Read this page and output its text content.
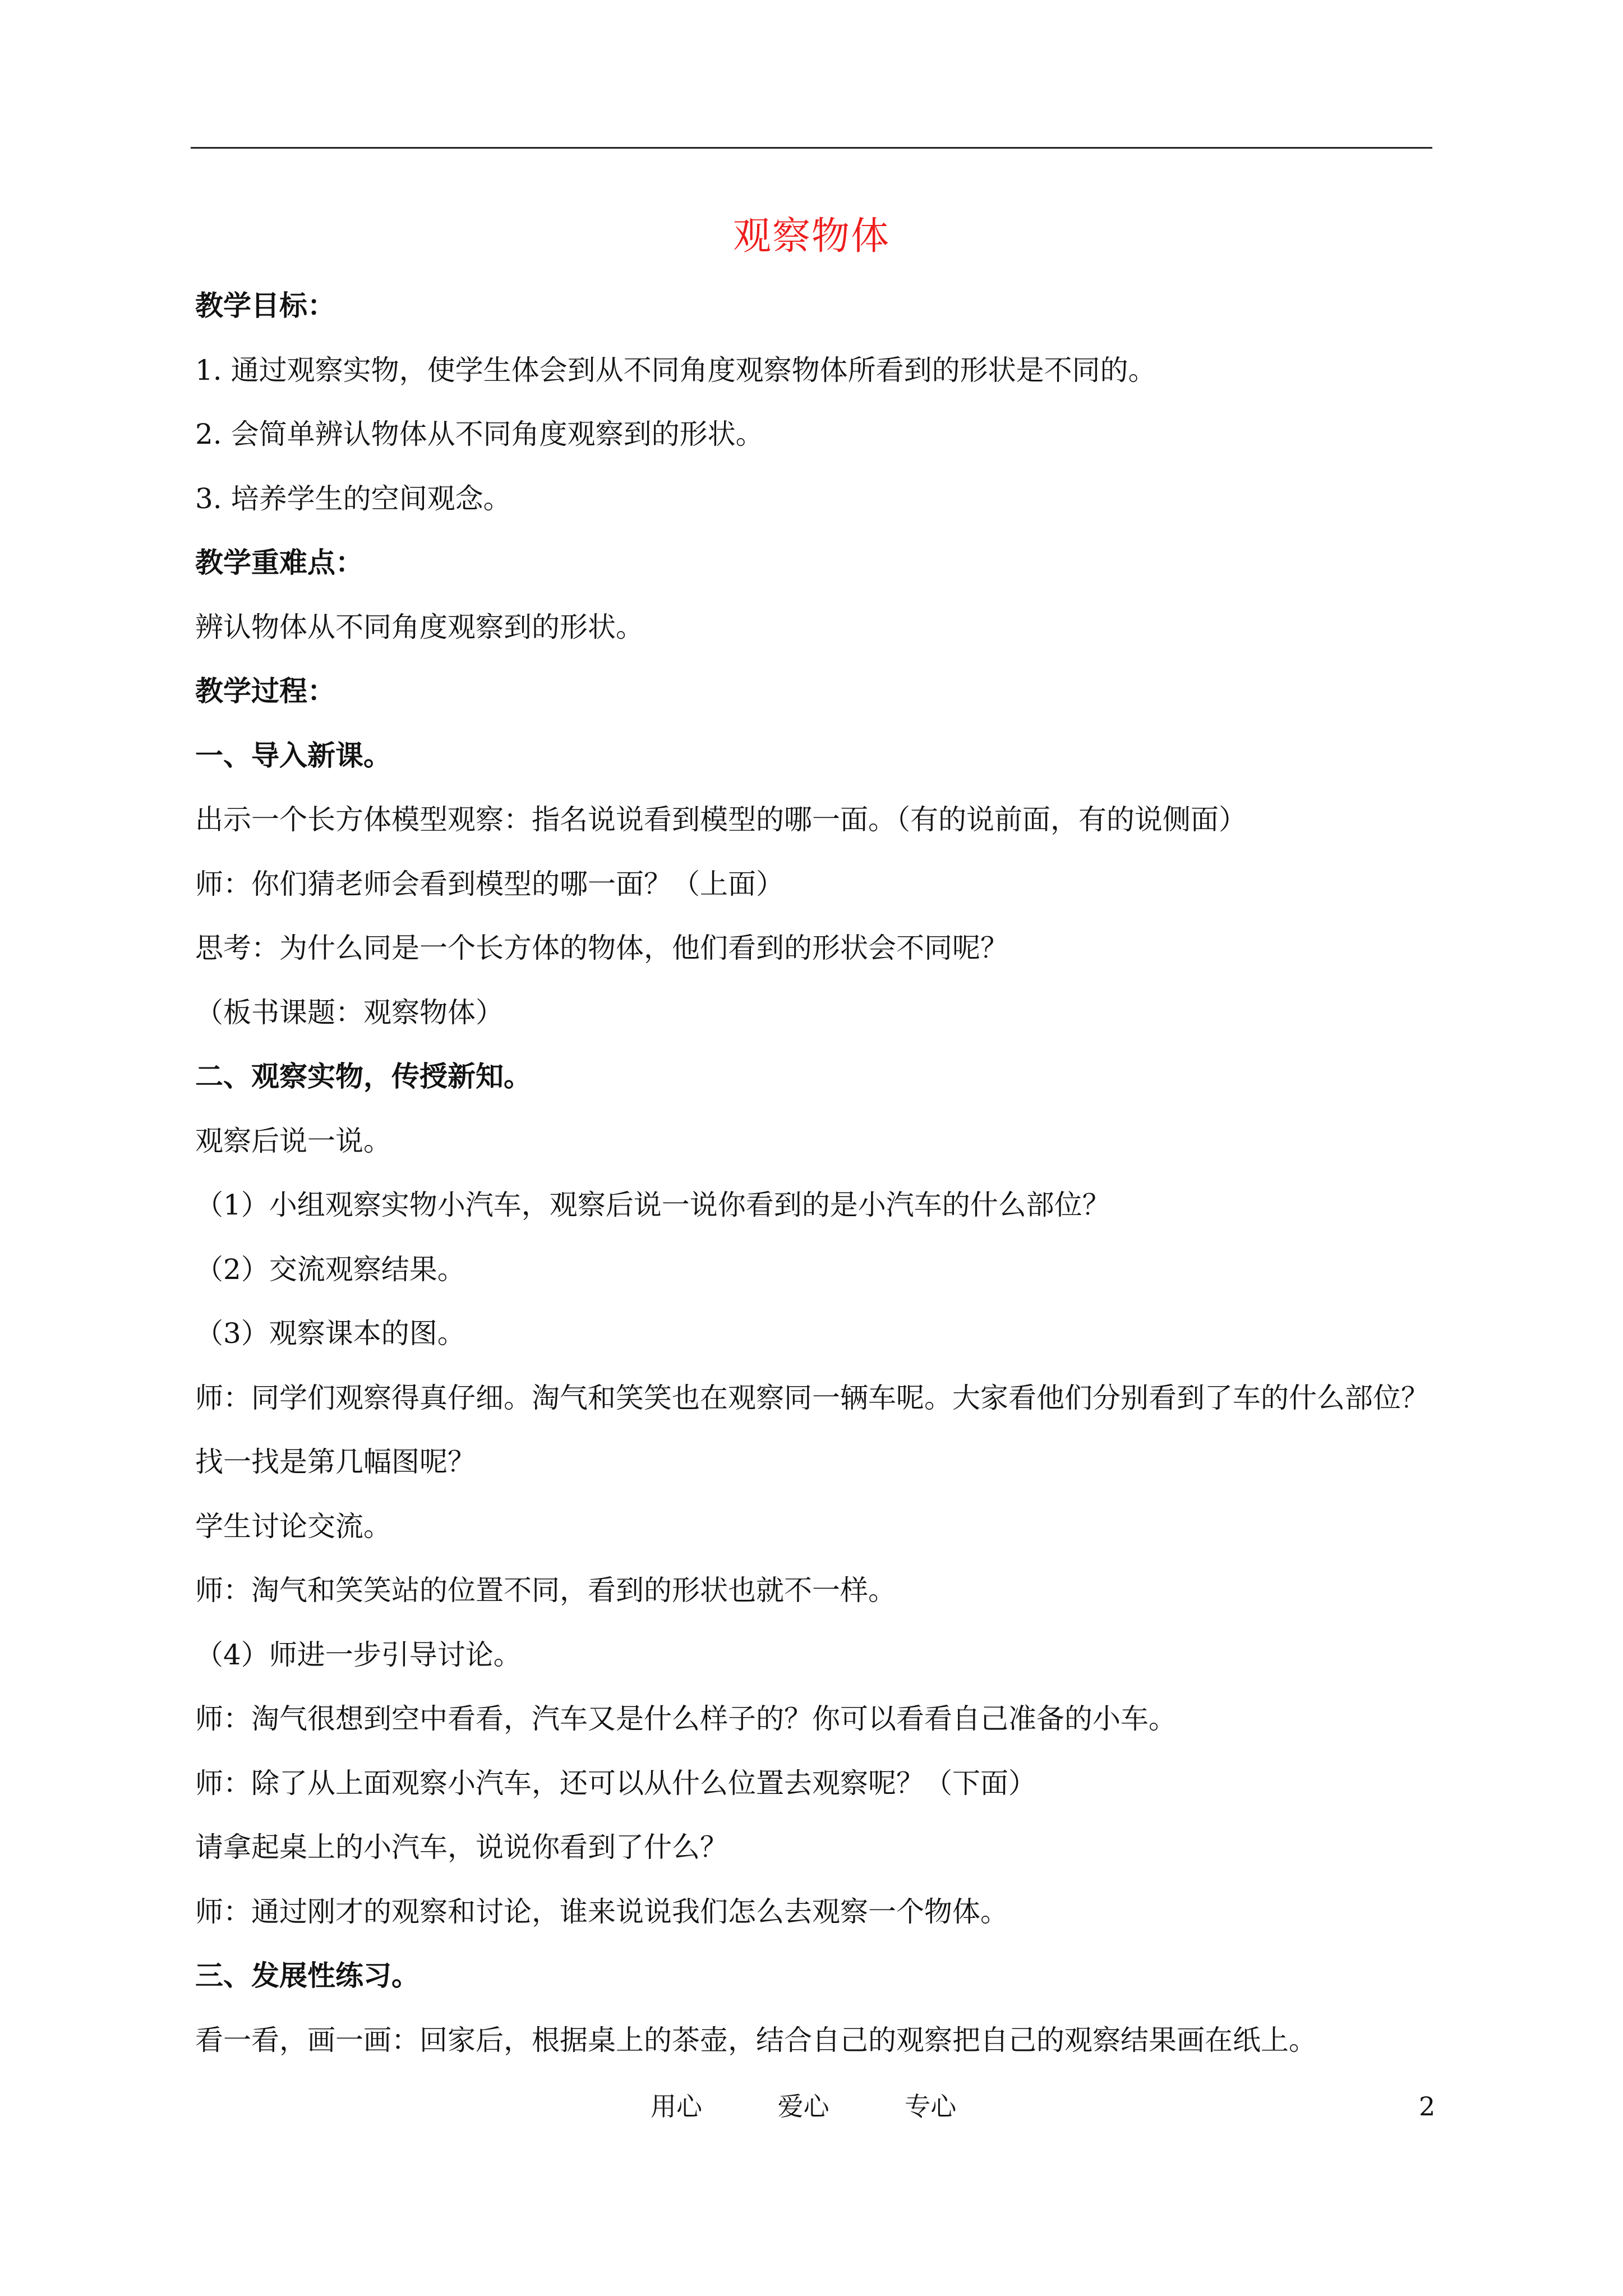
观察物体
教学目标：
1. 通过观察实物，使学生体会到从不同角度观察物体所看到的形状是不同的。
2. 会简单辨认物体从不同角度观察到的形状。
3. 培养学生的空间观念。
教学重难点：
辨认物体从不同角度观察到的形状。
教学过程：
一、导入新课。
出示一个长方体模型观察：指名说说看到模型的哪一面。（有的说前面，有的说侧面）
师：你们猜老师会看到模型的哪一面？（上面）
思考：为什么同是一个长方体的物体，他们看到的形状会不同呢？
（板书课题：观察物体）
二、观察实物，传授新知。
观察后说一说。
（1）小组观察实物小汽车，观察后说一说你看到的是小汽车的什么部位？
（2）交流观察结果。
（3）观察课本的图。
师：同学们观察得真仔细。淘气和笑笑也在观察同一辆车呢。大家看他们分别看到了车的什么部位？
找一找是第几幅图呢？
学生讨论交流。
师：淘气和笑笑站的位置不同，看到的形状也就不一样。
（4）师进一步引导讨论。
师：淘气很想到空中看看，汽车又是什么样子的？你可以看看自己准备的小车。
师：除了从上面观察小汽车，还可以从什么位置去观察呢？（下面）
请拿起桌上的小汽车，说说你看到了什么？
师：通过刚才的观察和讨论，谁来说说我们怎么去观察一个物体。
三、发展性练习。
看一看，画一画：回家后，根据桌上的茶壶，结合自己的观察把自己的观察结果画在纸上。
用心	爱心	专心	2
